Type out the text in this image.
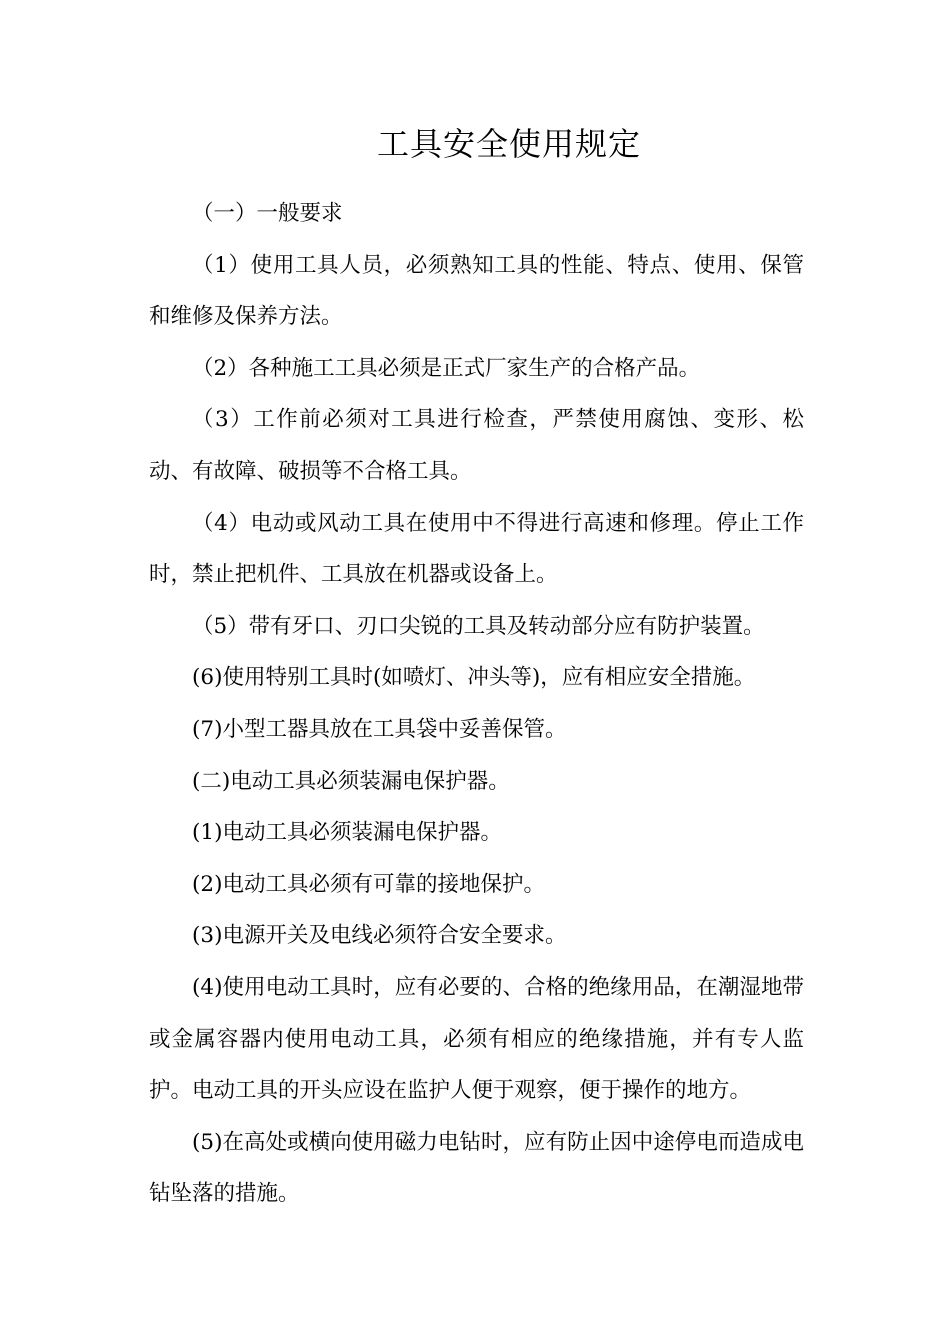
工具安全使用规定

（一）一般要求

（1）使用工具人员，必须熟知工具的性能、特点、使用、保管和维修及保养方法。

（2）各种施工工具必须是正式厂家生产的合格产品。

（3）工作前必须对工具进行检查，严禁使用腐蚀、变形、松动、有故障、破损等不合格工具。

（4）电动或风动工具在使用中不得进行高速和修理。停止工作时，禁止把机件、工具放在机器或设备上。

（5）带有牙口、刃口尖锐的工具及转动部分应有防护装置。

(6)使用特别工具时(如喷灯、冲头等)，应有相应安全措施。

(7)小型工器具放在工具袋中妥善保管。

(二)电动工具必须装漏电保护器。

(1)电动工具必须装漏电保护器。

(2)电动工具必须有可靠的接地保护。

(3)电源开关及电线必须符合安全要求。

(4)使用电动工具时，应有必要的、合格的绝缘用品，在潮湿地带或金属容器内使用电动工具，必须有相应的绝缘措施，并有专人监护。电动工具的开头应设在监护人便于观察，便于操作的地方。

(5)在高处或横向使用磁力电钻时，应有防止因中途停电而造成电钻坠落的措施。
